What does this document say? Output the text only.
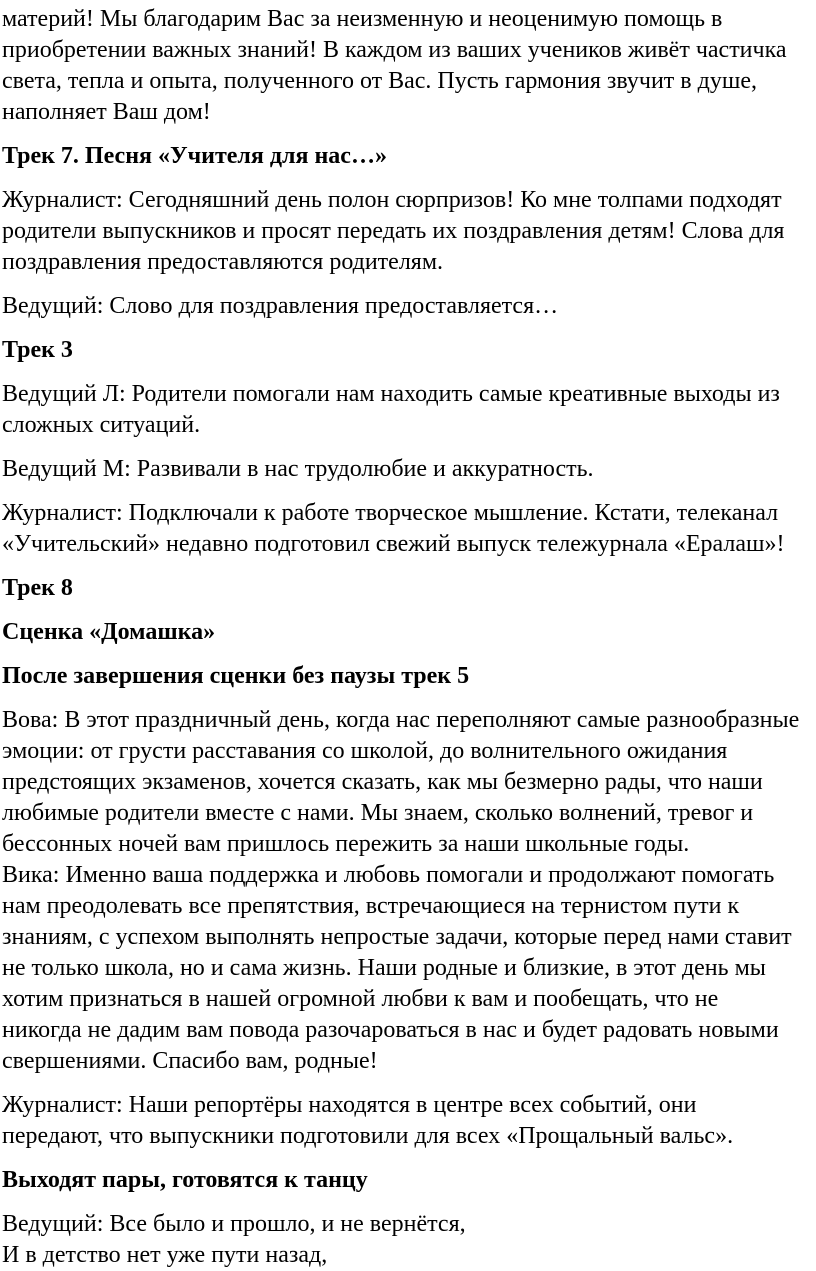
материй! Мы благодарим Вас за неизменную и неоценимую помощь в
приобретении важных знаний! В каждом из ваших учеников живёт частичка
света, тепла и опыта, полученного от Вас. Пусть гармония звучит в душе,
наполняет Ваш дом!
Трек 7. Песня «Учителя для нас…»
Журналист: Сегодняшний день полон сюрпризов! Ко мне толпами подходят
родители выпускников и просят передать их поздравления детям! Слова для
поздравления предоставляются родителям.
Ведущий: Слово для поздравления предоставляется…
Трек 3
Ведущий Л: Родители помогали нам находить самые креативные выходы из
сложных ситуаций.
Ведущий М: Развивали в нас трудолюбие и аккуратность.
Журналист: Подключали к работе творческое мышление. Кстати, телеканал
«Учительский» недавно подготовил свежий выпуск тележурнала «Ералаш»!
Трек 8
Сценка «Домашка»
После завершения сценки без паузы трек 5
Вова: В этот праздничный день, когда нас переполняют самые разнообразные
эмоции: от грусти расставания со школой, до волнительного ожидания
предстоящих экзаменов, хочется сказать, как мы безмерно рады, что наши
любимые родители вместе с нами. Мы знаем, сколько волнений, тревог и
бессонных ночей вам пришлось пережить за наши школьные годы.
Вика: Именно ваша поддержка и любовь помогали и продолжают помогать
нам преодолевать все препятствия, встречающиеся на тернистом пути к
знаниям, с успехом выполнять непростые задачи, которые перед нами ставит
не только школа, но и сама жизнь. Наши родные и близкие, в этот день мы
хотим признаться в нашей огромной любви к вам и пообещать, что не
никогда не дадим вам повода разочароваться в нас и будет радовать новыми
свершениями. Спасибо вам, родные!
Журналист: Наши репортёры находятся в центре всех событий, они
передают, что выпускники подготовили для всех «Прощальный вальс».
Выходят пары, готовятся к танцу
Ведущий: Все было и прошло, и не вернётся,
И в детство нет уже пути назад,
